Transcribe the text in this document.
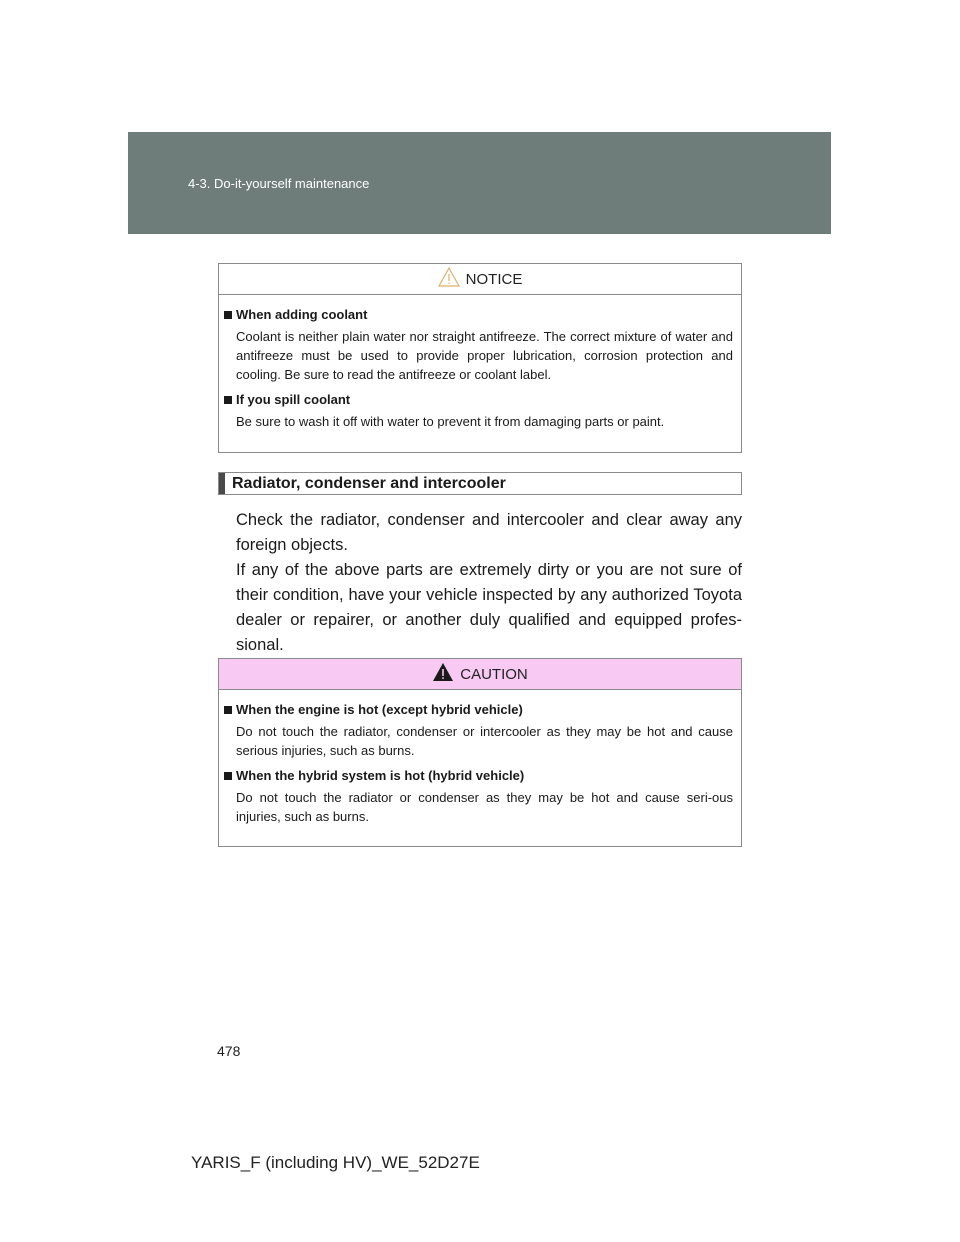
4-3. Do-it-yourself maintenance
NOTICE
When adding coolant
Coolant is neither plain water nor straight antifreeze. The correct mixture of water and antifreeze must be used to provide proper lubrication, corrosion protection and cooling. Be sure to read the antifreeze or coolant label.
If you spill coolant
Be sure to wash it off with water to prevent it from damaging parts or paint.
Radiator, condenser and intercooler

Check the radiator, condenser and intercooler and clear away any foreign objects.

If any of the above parts are extremely dirty or you are not sure of their condition, have your vehicle inspected by any authorized Toyota dealer or repairer, or another duly qualified and equipped profes-sional.

CAUTION
When the engine is hot (except hybrid vehicle)
Do not touch the radiator, condenser or intercooler as they may be hot and cause serious injuries, such as burns.
When the hybrid system is hot (hybrid vehicle)
Do not touch the radiator or condenser as they may be hot and cause seri-ous injuries, such as burns.
478
YARIS_F (including HV)_WE_52D27E
